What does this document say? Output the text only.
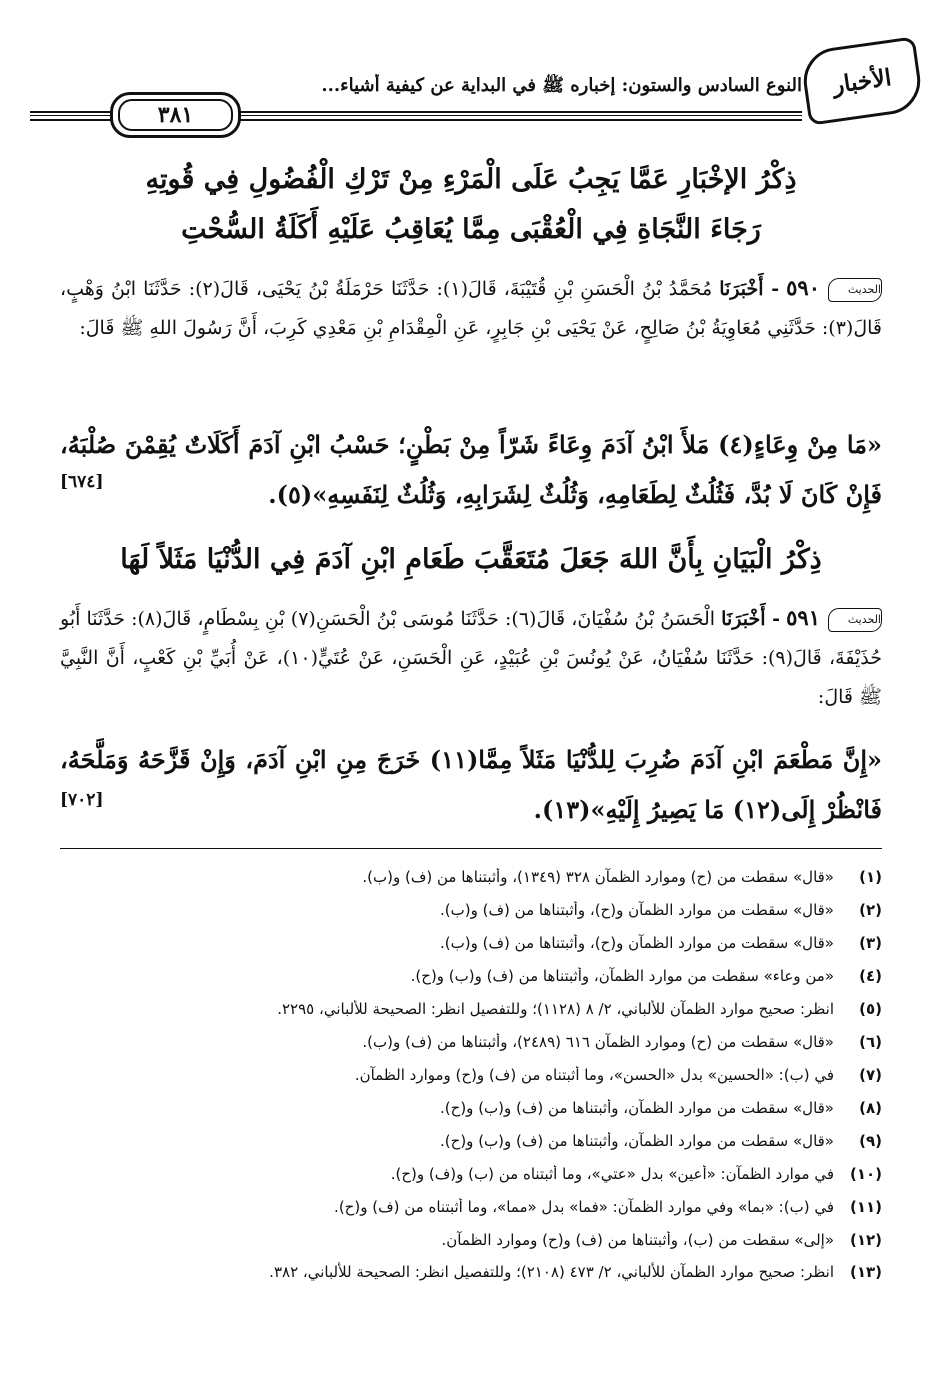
الأخبار
النوع السادس والستون: إخباره ﷺ في البداية عن كيفية أشياء...
٣٨١
ذِكْرُ الإخْبَارِ عَمَّا يَجِبُ عَلَى الْمَرْءِ مِنْ تَرْكِ الْفُضُولِ فِي قُوتِهِ
رَجَاءَ النَّجَاةِ فِي الْعُقْبَى مِمَّا يُعَاقِبُ عَلَيْهِ أَكَلَةُ السُّحْتِ
الحديث٥٩٠ - أَخْبَرَنَا مُحَمَّدُ بْنُ الْحَسَنِ بْنِ قُتَيْبَةَ، قَالَ(١): حَدَّثَنَا حَرْمَلَةُ بْنُ يَحْيَى، قَالَ(٢): حَدَّثَنَا ابْنُ وَهْبٍ، قَالَ(٣): حَدَّثَنِي مُعَاوِيَةُ بْنُ صَالِحٍ، عَنْ يَحْيَى بْنِ جَابِرٍ، عَنِ الْمِقْدَامِ بْنِ مَعْدِي كَرِبَ، أَنَّ رَسُولَ اللهِ ﷺ قَالَ:
«مَا مِنْ وِعَاءٍ(٤) مَلأَ ابْنُ آدَمَ وِعَاءً شَرّاً مِنْ بَطْنٍ؛ حَسْبُ ابْنِ آدَمَ أَكَلَاتٌ يُقِمْنَ صُلْبَهُ، فَإِنْ كَانَ لَا بُدَّ، فَثُلُثٌ لِطَعَامِهِ، وَثُلُثٌ لِشَرَابِهِ، وَثُلُثٌ لِنَفَسِهِ»(٥).
[٦٧٤]
ذِكْرُ الْبَيَانِ بِأَنَّ اللهَ جَعَلَ مُتَعَقَّبَ طَعَامِ ابْنِ آدَمَ فِي الدُّنْيَا مَثَلاً لَهَا
الحديث٥٩١ - أَخْبَرَنَا الْحَسَنُ بْنُ سُفْيَانَ، قَالَ(٦): حَدَّثَنَا مُوسَى بْنُ الْحَسَنِ(٧) بْنِ بِسْطَامٍ، قَالَ(٨): حَدَّثَنَا أَبُو حُذَيْفَةَ، قَالَ(٩): حَدَّثَنَا سُفْيَانُ، عَنْ يُونُسَ بْنِ عُبَيْدٍ، عَنِ الْحَسَنِ، عَنْ عُتَيٍّ(١٠)، عَنْ أُبَيِّ بْنِ كَعْبٍ، أَنَّ النَّبِيَّ ﷺ قَالَ:
«إِنَّ مَطْعَمَ ابْنِ آدَمَ ضُرِبَ لِلدُّنْيَا مَثَلاً مِمَّا(١١) خَرَجَ مِنِ ابْنِ آدَمَ، وَإِنْ قَزَّحَهُ وَمَلَّحَهُ، فَانْظُرْ إِلَى(١٢) مَا يَصِيرُ إِلَيْهِ»(١٣).
[٧٠٢]
(١)
«قال» سقطت من (ح) وموارد الظمآن ٣٢٨ (١٣٤٩)، وأثبتناها من (ف) و(ب).
(٢)
«قال» سقطت من موارد الظمآن و(ح)، وأثبتناها من (ف) و(ب).
(٣)
«قال» سقطت من موارد الظمآن و(ح)، وأثبتناها من (ف) و(ب).
(٤)
«من وعاء» سقطت من موارد الظمآن، وأثبتناها من (ف) و(ب) و(ح).
(٥)
انظر: صحيح موارد الظمآن للألباني، ٢/ ٨ (١١٢٨)؛ وللتفصيل انظر: الصحيحة للألباني، ٢٢٩٥.
(٦)
«قال» سقطت من (ح) وموارد الظمآن ٦١٦ (٢٤٨٩)، وأثبتناها من (ف) و(ب).
(٧)
في (ب): «الحسين» بدل «الحسن»، وما أثبتناه من (ف) و(ح) وموارد الظمآن.
(٨)
«قال» سقطت من موارد الظمآن، وأثبتناها من (ف) و(ب) و(ح).
(٩)
«قال» سقطت من موارد الظمآن، وأثبتناها من (ف) و(ب) و(ح).
(١٠)
في موارد الظمآن: «أعين» بدل «عتي»، وما أثبتناه من (ب) و(ف) و(ح).
(١١)
في (ب): «بما» وفي موارد الظمآن: «فما» بدل «مما»، وما أثبتناه من (ف) و(ح).
(١٢)
«إلى» سقطت من (ب)، وأثبتناها من (ف) و(ح) وموارد الظمآن.
(١٣)
انظر: صحيح موارد الظمآن للألباني، ٢/ ٤٧٣ (٢١٠٨)؛ وللتفصيل انظر: الصحيحة للألباني، ٣٨٢.
